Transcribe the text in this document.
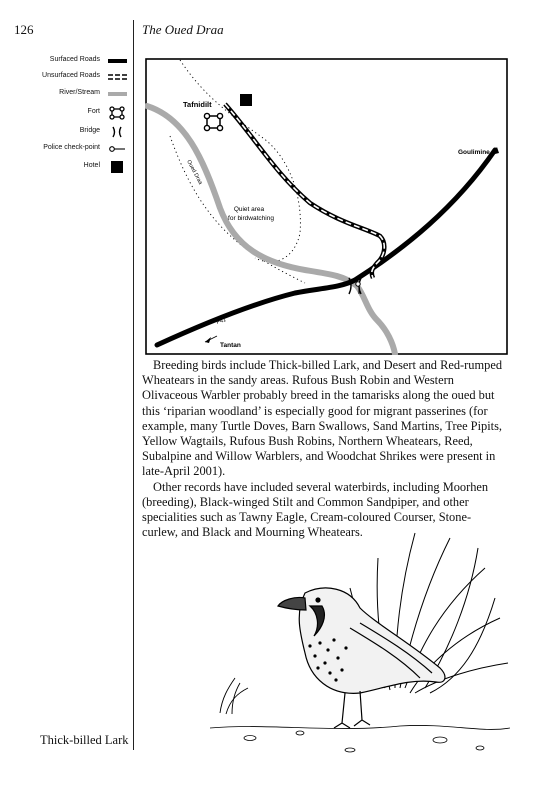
126	The Oued Draa
Surfaced Roads
Unsurfaced Roads
River/Stream
Fort
Bridge
Police check-point
Hotel
Tafnidilt
Oued Draa
Quiet area
for birdwatching
Goulimine
P41
Tantan

Breeding birds include Thick-billed Lark, and Desert and Red-rumped Wheatears in the sandy areas. Rufous Bush Robin and Western Olivaceous Warbler probably breed in the tamarisks along the oued but this ‘riparian woodland’ is especially good for migrant passerines (for example, many Turtle Doves, Barn Swallows, Sand Martins, Tree Pipits, Yellow Wagtails, Rufous Bush Robins, Northern Wheatears, Reed, Subalpine and Willow Warblers, and Woodchat Shrikes were present in late-April 2001).

Other records have included several waterbirds, including Moorhen (breeding), Black-winged Stilt and Common Sandpiper, and other specialities such as Tawny Eagle, Cream-coloured Courser, Stone-curlew, and Black and Mourning Wheatears.

Thick-billed Lark
